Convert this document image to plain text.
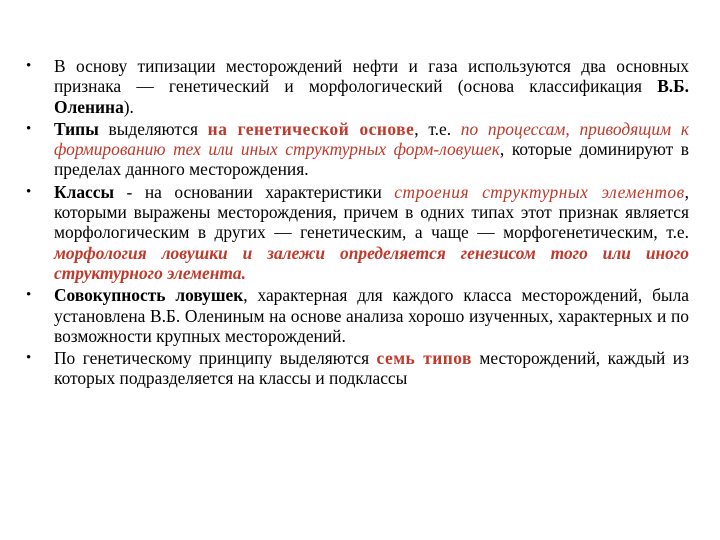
• В основу типизации месторождений нефти и газа используются два основных признака — генетический и морфологический (основа классификация В.Б. Оленина).
• Типы выделяются на генетической основе, т.е. по процессам, приводящим к формированию тех или иных структурных форм-ловушек, которые доминируют в пределах данного месторождения.
• Классы - на основании характеристики строения структурных элементов, которыми выражены месторождения, причем в одних типах этот признак является морфологическим в других — генетическим, а чаще — морфогенетическим, т.е. морфология ловушки и залежи определяется генезисом того или иного структурного элемента.
• Совокупность ловушек, характерная для каждого класса месторождений, была установлена В.Б. Олениным на основе анализа хорошо изученных, характерных и по возможности крупных месторождений.
• По генетическому принципу выделяются семь типов месторождений, каждый из которых подразделяется на классы и подклассы
